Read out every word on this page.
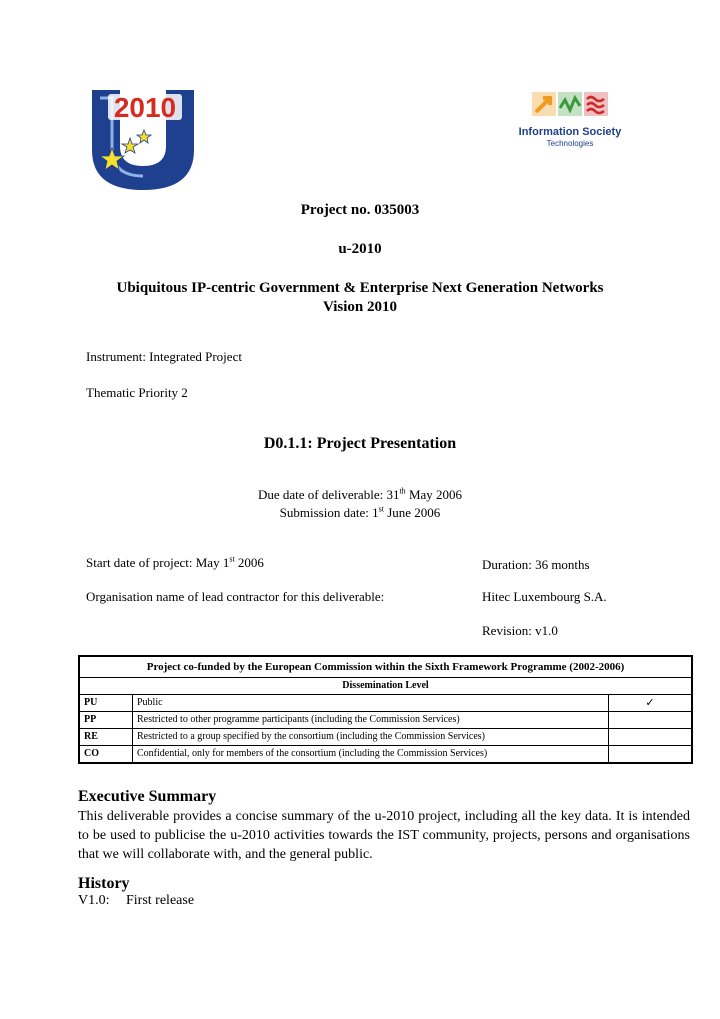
2010
Information Society
Technologies
Project no. 035003
u-2010
Ubiquitous IP-centric Government & Enterprise Next Generation Networks
Vision 2010
Instrument: Integrated Project
Thematic Priority 2
D0.1.1: Project Presentation
Due date of deliverable: 31th May 2006
Submission date: 1st June 2006
Start date of project: May 1st 2006	Duration: 36 months
Organisation name of lead contractor for this deliverable:	Hitec Luxembourg S.A.
Revision: v1.0
Project co-funded by the European Commission within the Sixth Framework Programme (2002-2006)		
Dissemination Level		
PU	Public	✓
PP	Restricted to other programme participants (including the Commission Services)	
RE	Restricted to a group specified by the consortium (including the Commission Services)	
CO	Confidential, only for members of the consortium (including the Commission Services)	
Executive Summary
This deliverable provides a concise summary of the u-2010 project, including all the key data. It is intended to be used to publicise the u-2010 activities towards the IST community, projects, persons and organisations that we will collaborate with, and the general public.
History
V1.0: First release
